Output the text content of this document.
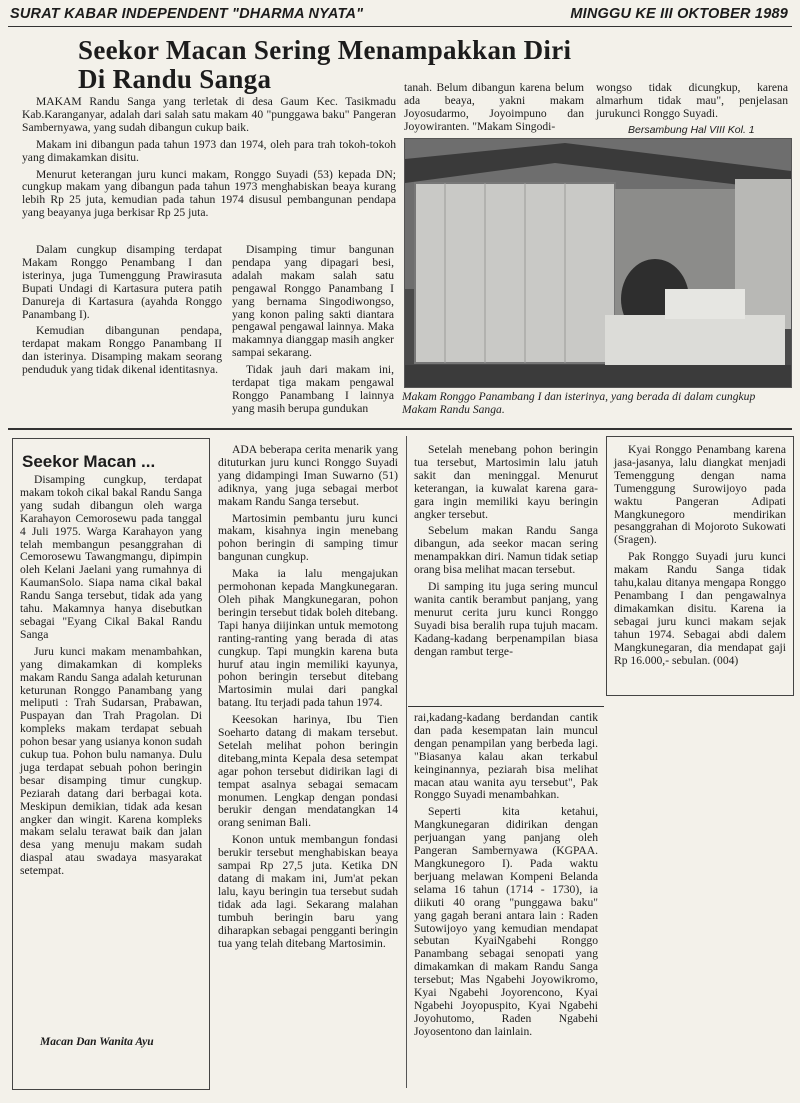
SURAT KABAR INDEPENDENT "DHARMA NYATA"	MINGGU KE III OKTOBER 1989
Seekor Macan Sering Menampakkan Diri
Di Randu Sanga

MAKAM Randu Sanga yang terletak di desa Gaum Kec. Tasikmadu Kab.Karanganyar, adalah dari salah satu makam 40 "punggawa baku" Pangeran Sambernyawa, yang sudah dibangun cukup baik.

Makam ini dibangun pada tahun 1973 dan 1974, oleh para trah tokoh-tokoh yang dimakamkan disitu.

Menurut keterangan juru kunci makam, Ronggo Suyadi (53) kepada DN; cungkup makam yang dibangun pada tahun 1973 menghabiskan beaya kurang lebih Rp 25 juta, kemudian pada tahun 1974 disusul pembangunan pendapa yang beayanya juga berkisar Rp 25 juta.

Dalam cungkup disamping terdapat Makam Ronggo Penambang I dan isterinya, juga Tumenggung Prawirasuta Bupati Undagi di Kartasura putera patih Danureja di Kartasura (ayahda Ronggo Panambang I).

Kemudian dibangunan pendapa, terdapat makam Ronggo Panambang II dan isterinya. Disamping makam seorang penduduk yang tidak dikenal identitasnya.

Disamping timur bangunan pendapa yang dipagari besi, adalah makam salah satu pengawal Ronggo Panambang I yang bernama Singodiwongso, yang konon paling sakti diantara pengawal pengawal lainnya. Maka makamnya dianggap masih angker sampai sekarang.

Tidak jauh dari makam ini, terdapat tiga makam pengawal Ronggo Panambang I lainnya yang masih berupa gundukan

tanah. Belum dibangun karena belum ada beaya, yakni makam Joyosudarmo, Joyoimpuno dan Joyowiranten. "Makam Singodi-

wongso tidak dicungkup, karena almarhum tidak mau", penjelasan jurukunci Ronggo Suyadi.

Bersambung Hal VIII Kol. 1
Makam Ronggo Panambang I dan isterinya, yang berada di dalam cungkup Makam Randu Sanga.
Seekor Macan ...

Disamping cungkup, terdapat makam tokoh cikal bakal Randu Sanga yang sudah dibangun oleh warga Karahayon Cemorosewu pada tanggal 4 Juli 1975. Warga Karahayon yang telah membangun pesanggrahan di Cemorosewu Tawangmangu, dipimpin oleh Kelani Jaelani yang rumahnya di KaumanSolo. Siapa nama cikal bakal Randu Sanga tersebut, tidak ada yang tahu. Makamnya hanya disebutkan sebagai "Eyang Cikal Bakal Randu Sanga

Juru kunci makam menambahkan, yang dimakamkan di kompleks makam Randu Sanga adalah keturunan keturunan Ronggo Panambang yang meliputi : Trah Sudarsan, Prabawan, Puspayan dan Trah Pragolan. Di kompleks makam terdapat sebuah pohon besar yang usianya konon sudah cukup tua. Pohon bulu namanya. Dulu juga terdapat sebuah pohon beringin besar disamping timur cungkup. Peziarah datang dari berbagai kota. Meskipun demikian, tidak ada kesan angker dan wingit. Karena kompleks makam selalu terawat baik dan jalan desa yang menuju makam sudah diaspal atau swadaya masyarakat setempat.

Macan Dan Wanita Ayu

ADA beberapa cerita menarik yang dituturkan juru kunci Ronggo Suyadi yang didampingi Iman Suwarno (51) adiknya, yang juga sebagai merbot makam Randu Sanga tersebut.

Martosimin pembantu juru kunci makam, kisahnya ingin menebang pohon beringin di samping timur bangunan cungkup.

Maka ia lalu mengajukan permohonan kepada Mangkunegaran. Oleh pihak Mangkunegaran, pohon beringin tersebut tidak boleh ditebang. Tapi hanya diijinkan untuk memotong ranting-ranting yang berada di atas cungkup. Tapi mungkin karena buta huruf atau ingin memiliki kayunya, pohon beringin tersebut ditebang Martosimin mulai dari pangkal batang. Itu terjadi pada tahun 1974.

Keesokan harinya, Ibu Tien Soeharto datang di makam tersebut. Setelah melihat pohon beringin ditebang,minta Kepala desa setempat agar pohon tersebut didirikan lagi di tempat asalnya sebagai semacam monumen. Lengkap dengan pondasi berukir dengan mendatangkan 14 orang seniman Bali.

Konon untuk membangun fondasi berukir tersebut menghabiskan beaya sampai Rp 27,5 juta. Ketika DN datang di makam ini, Jum'at pekan lalu, kayu beringin tua tersebut sudah tidak ada lagi. Sekarang malahan tumbuh beringin baru yang diharapkan sebagai pengganti beringin tua yang telah ditebang Martosimin.

Setelah menebang pohon beringin tua tersebut, Martosimin lalu jatuh sakit dan meninggal. Menurut keterangan, ia kuwalat karena gara-gara ingin memiliki kayu beringin angker tersebut.

Sebelum makan Randu Sanga dibangun, ada seekor macan sering menampakkan diri. Namun tidak setiap orang bisa melihat macan tersebut.

Di samping itu juga sering muncul wanita cantik berambut panjang, yang menurut cerita juru kunci Ronggo Suyadi bisa beralih rupa tujuh macam. Kadang-kadang berpenampilan biasa dengan rambut terge-

rai,kadang-kadang berdandan cantik dan pada kesempatan lain muncul dengan penampilan yang berbeda lagi. "Biasanya kalau akan terkabul keinginannya, peziarah bisa melihat macan atau wanita ayu tersebut", Pak Ronggo Suyadi menambahkan.

Seperti kita ketahui, Mangkunegaran didirikan dengan perjuangan yang panjang oleh Pangeran Sambernyawa (KGPAA. Mangkunegoro I). Pada waktu berjuang melawan Kompeni Belanda selama 16 tahun (1714 - 1730), ia diikuti 40 orang "punggawa baku" yang gagah berani antara lain : Raden Sutowijoyo yang kemudian mendapat sebutan KyaiNgabehi Ronggo Panambang sebagai senopati yang dimakamkan di makam Randu Sanga tersebut; Mas Ngabehi Joyowikromo, Kyai Ngabehi Joyorencono, Kyai Ngabehi Joyopuspito, Kyai Ngabehi Joyohutomo, Raden Ngabehi Joyosentono dan lainlain.

Kyai Ronggo Penambang karena jasa-jasanya, lalu diangkat menjadi Temenggung dengan nama Tumenggung Surowijoyo pada waktu Pangeran Adipati Mangkunegoro mendirikan pesanggrahan di Mojoroto Sukowati (Sragen).

Pak Ronggo Suyadi juru kunci makam Randu Sanga tidak tahu,kalau ditanya mengapa Ronggo Penambang I dan pengawalnya dimakamkan disitu. Karena ia sebagai juru kunci makam sejak tahun 1974. Sebagai abdi dalem Mangkunegaran, dia mendapat gaji Rp 16.000,- sebulan. (004)
